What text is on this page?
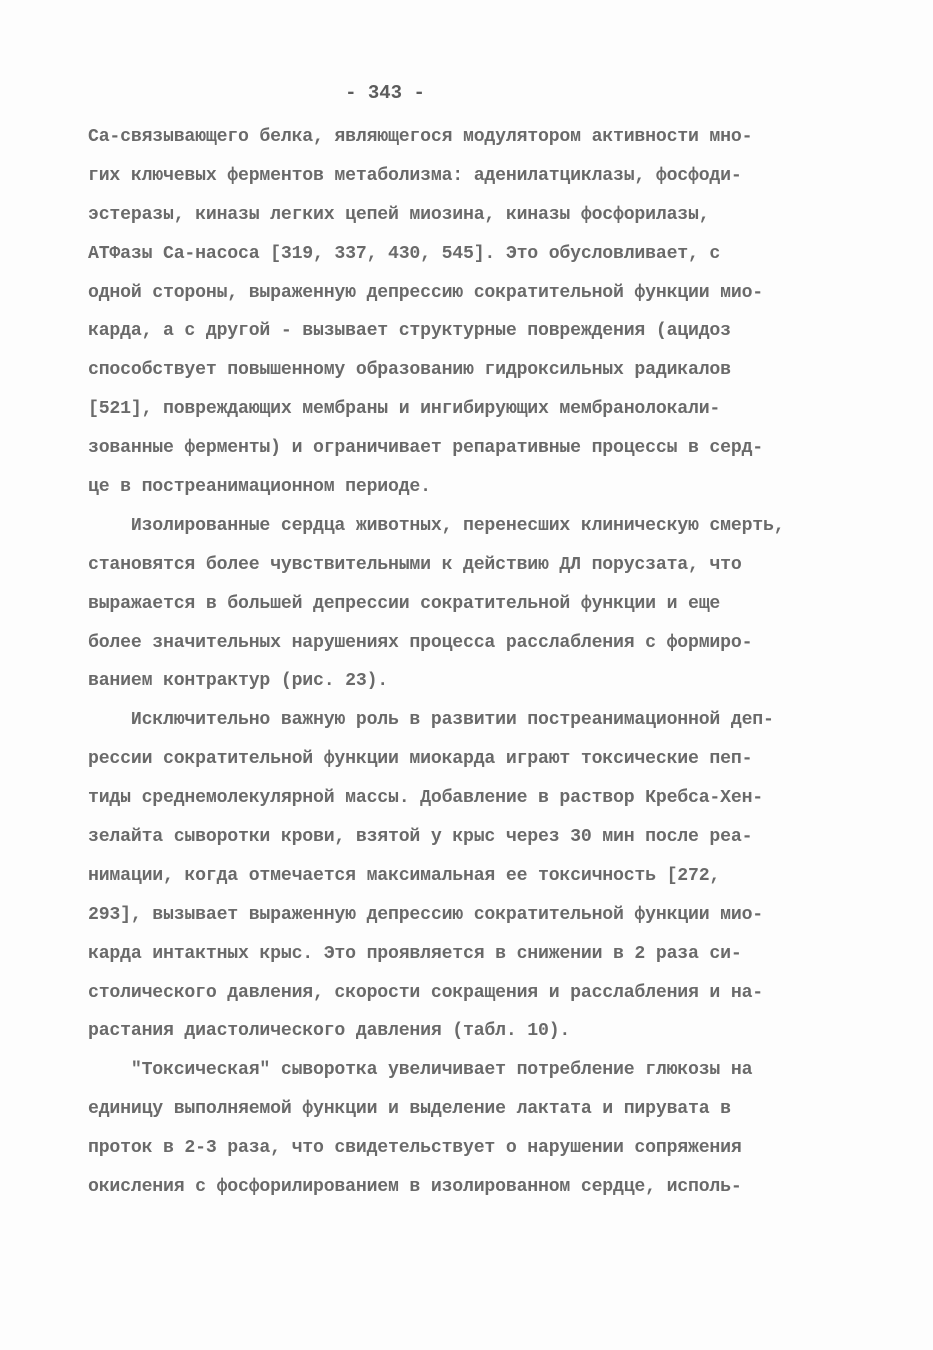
- 343 -
Са-связывающего белка, являющегося модулятором активности мно-
гих ключевых ферментов метаболизма: аденилатциклазы, фосфоди-
эстеразы, киназы легких цепей миозина, киназы фосфорилазы,
АТФазы Са-насоса [319, 337, 430, 545]. Это обусловливает, с
одной стороны, выраженную депрессию сократительной функции мио-
карда, а с другой - вызывает структурные повреждения (ацидоз
способствует повышенному образованию гидроксильных радикалов
[521], повреждающих мембраны и ингибирующих мембранолокали-
зованные ферменты) и ограничивает репаративные процессы в серд-
це в постреанимационном периоде.
Изолированные сердца животных, перенесших клиническую смерть,
становятся более чувствительными к действию ДЛ порусзата, что
выражается в большей депрессии сократительной функции и еще
более значительных нарушениях процесса расслабления с формиро-
ванием контрактур (рис. 23).
Исключительно важную роль в развитии постреанимационной деп-
рессии сократительной функции миокарда играют токсические пеп-
тиды среднемолекулярной массы. Добавление в раствор Кребса-Хен-
зелайта сыворотки крови, взятой у крыс через 30 мин после реа-
нимации, когда отмечается максимальная ее токсичность [272,
293], вызывает выраженную депрессию сократительной функции мио-
карда интактных крыс. Это проявляется в снижении в 2 раза си-
столического давления, скорости сокращения и расслабления и на-
растания диастолического давления (табл. 10).
"Токсическая" сыворотка увеличивает потребление глюкозы на
единицу выполняемой функции и выделение лактата и пирувата в
проток в 2-3 раза, что свидетельствует о нарушении сопряжения
окисления с фосфорилированием в изолированном сердце, исполь-
